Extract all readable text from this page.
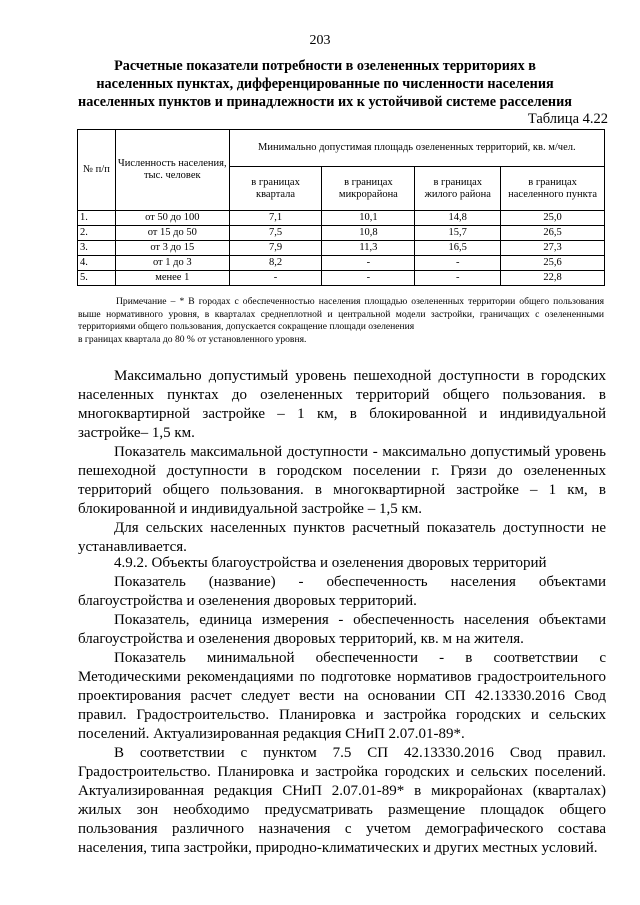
203
Расчетные показатели потребности в озелененных территориях в населенных пунктах, дифференцированные по численности населения населенных пунктов и принадлежности их к устойчивой системе расселения
Таблица 4.22
№ п/п	Численность населения, тыс. человек	Минимально допустимая площадь озелененных территорий, кв. м/чел.			
		в границах квартала	в границах микрорайона	в границах жилого района	в границах населенного пункта
1.	от 50 до 100	7,1	10,1	14,8	25,0
2.	от 15 до 50	7,5	10,8	15,7	26,5
3.	от 3 до 15	7,9	11,3	16,5	27,3
4.	от 1 до 3	8,2	-	-	25,6
5.	менее 1	-	-	-	22,8

Примечание – * В городах с обеспеченностью населения площадью озелененных территории общего пользования выше нормативного уровня, в кварталах среднеплотной и центральной модели застройки, граничащих с озелененными территориями общего пользования, допускается сокращение площади озеленения

в границах квартала до 80 % от установленного уровня.

Максимально допустимый уровень пешеходной доступности в городских населенных пунктах до озелененных территорий общего пользования. в многоквартирной застройке – 1 км, в блокированной и индивидуальной застройке– 1,5 км.

Показатель максимальной доступности - максимально допустимый уровень пешеходной доступности в городском поселении г. Грязи до озелененных территорий общего пользования. в многоквартирной застройке – 1 км, в блокированной и индивидуальной застройке – 1,5 км.

Для сельских населенных пунктов расчетный показатель доступности не устанавливается.

4.9.2. Объекты благоустройства и озеленения дворовых территорий

Показатель (название) - обеспеченность населения объектами благоустройства и озеленения дворовых территорий.

Показатель, единица измерения - обеспеченность населения объектами благоустройства и озеленения дворовых территорий, кв. м на жителя.

Показатель минимальной обеспеченности - в соответствии с Методическими рекомендациями по подготовке нормативов градостроительного проектирования расчет следует вести на основании СП 42.13330.2016 Свод правил. Градостроительство. Планировка и застройка городских и сельских поселений. Актуализированная редакция СНиП 2.07.01-89*.

В соответствии с пунктом 7.5 СП 42.13330.2016 Свод правил. Градостроительство. Планировка и застройка городских и сельских поселений. Актуализированная редакция СНиП 2.07.01-89* в микрорайонах (кварталах) жилых зон необходимо предусматривать размещение площадок общего пользования различного назначения с учетом демографического состава населения, типа застройки, природно-климатических и других местных условий.
